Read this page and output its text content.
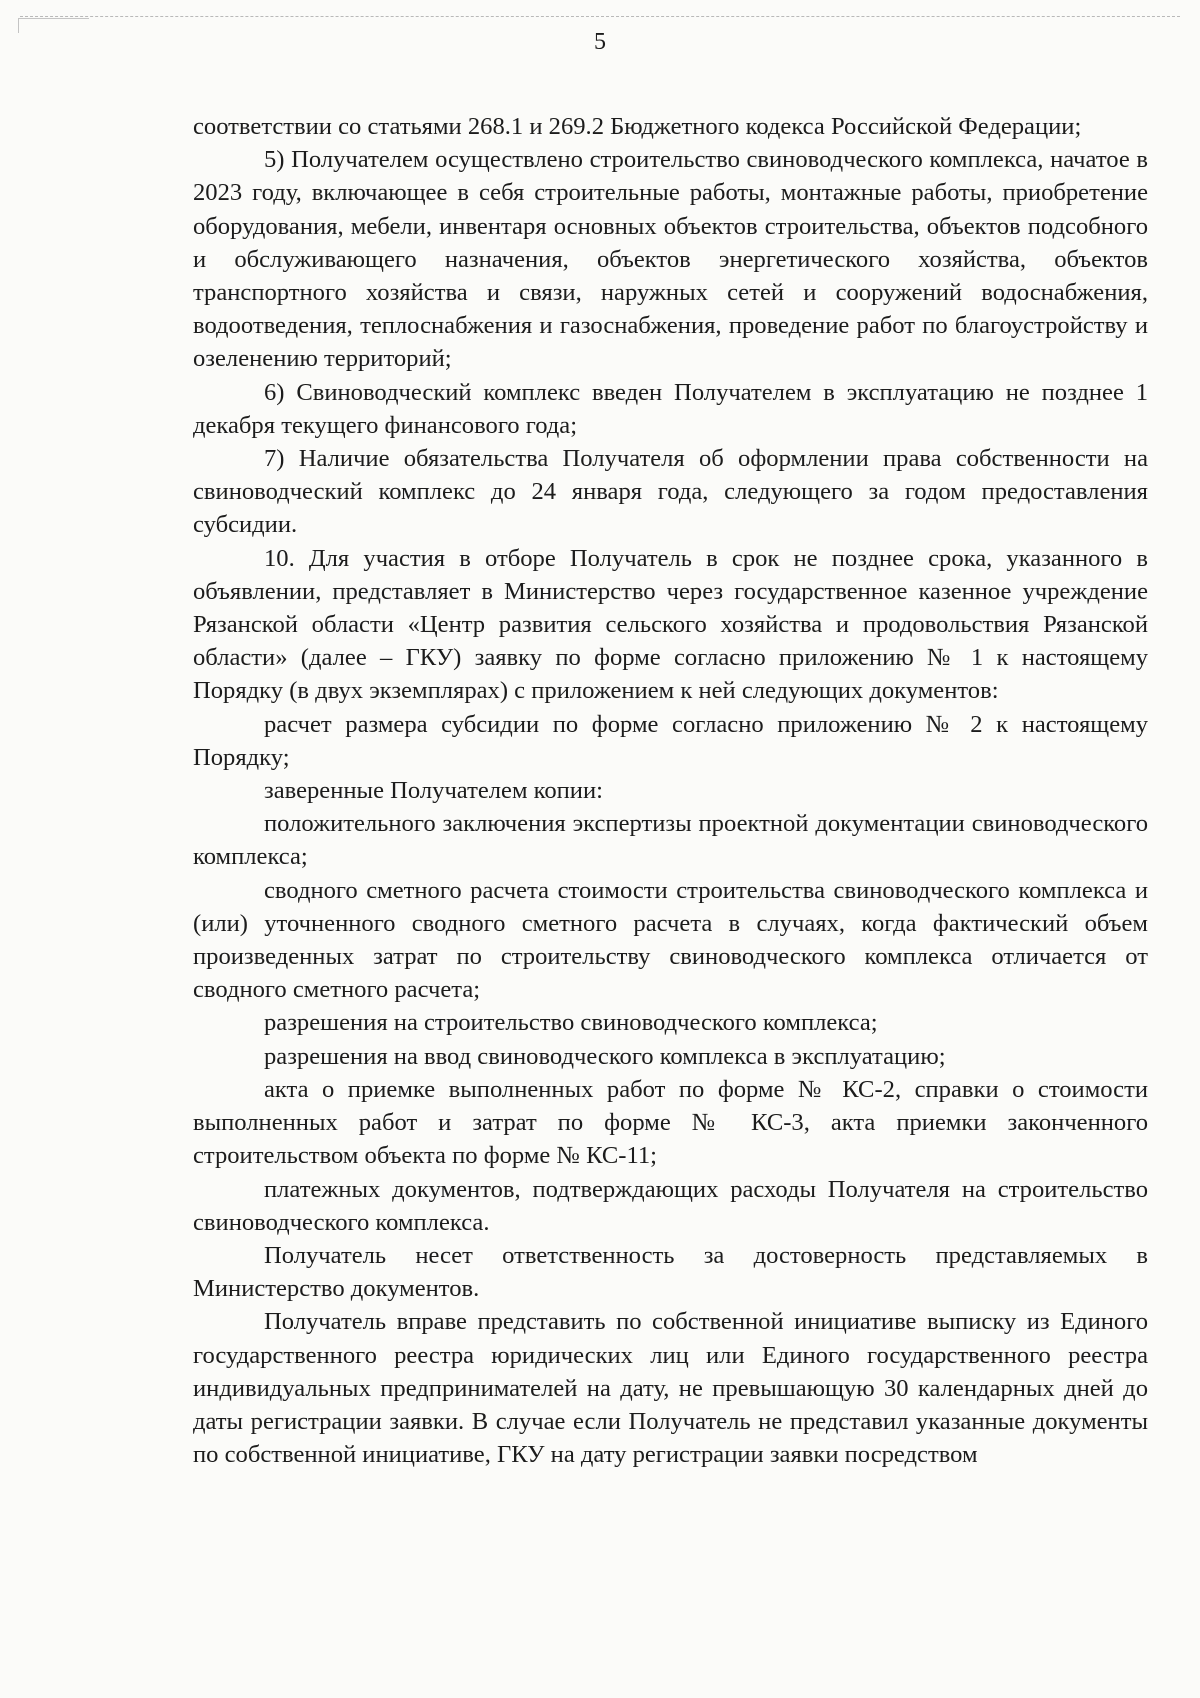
5

соответствии со статьями 268.1 и 269.2 Бюджетного кодекса Российской Федерации;

5) Получателем осуществлено строительство свиноводческого комплекса, начатое в 2023 году, включающее в себя строительные работы, монтажные работы, приобретение оборудования, мебели, инвентаря основных объектов строительства, объектов подсобного и обслуживающего назначения, объектов энергетического хозяйства, объектов транспортного хозяйства и связи, наружных сетей и сооружений водоснабжения, водоотведения, теплоснабжения и газоснабжения, проведение работ по благоустройству и озеленению территорий;

6) Свиноводческий комплекс введен Получателем в эксплуатацию не позднее 1 декабря текущего финансового года;

7) Наличие обязательства Получателя об оформлении права собственности на свиноводческий комплекс до 24 января года, следующего за годом предоставления субсидии.

10. Для участия в отборе Получатель в срок не позднее срока, указанного в объявлении, представляет в Министерство через государственное казенное учреждение Рязанской области «Центр развития сельского хозяйства и продовольствия Рязанской области» (далее – ГКУ) заявку по форме согласно приложению № 1 к настоящему Порядку (в двух экземплярах) с приложением к ней следующих документов:

расчет размера субсидии по форме согласно приложению № 2 к настоящему Порядку;

заверенные Получателем копии:

положительного заключения экспертизы проектной документации свиноводческого комплекса;

сводного сметного расчета стоимости строительства свиноводческого комплекса и (или) уточненного сводного сметного расчета в случаях, когда фактический объем произведенных затрат по строительству свиноводческого комплекса отличается от сводного сметного расчета;

разрешения на строительство свиноводческого комплекса;

разрешения на ввод свиноводческого комплекса в эксплуатацию;

акта о приемке выполненных работ по форме № КС-2, справки о стоимости выполненных работ и затрат по форме № КС-3, акта приемки законченного строительством объекта по форме № КС-11;

платежных документов, подтверждающих расходы Получателя на строительство свиноводческого комплекса.

Получатель несет ответственность за достоверность представляемых в Министерство документов.

Получатель вправе представить по собственной инициативе выписку из Единого государственного реестра юридических лиц или Единого государственного реестра индивидуальных предпринимателей на дату, не превышающую 30 календарных дней до даты регистрации заявки. В случае если Получатель не представил указанные документы по собственной инициативе, ГКУ на дату регистрации заявки посредством
